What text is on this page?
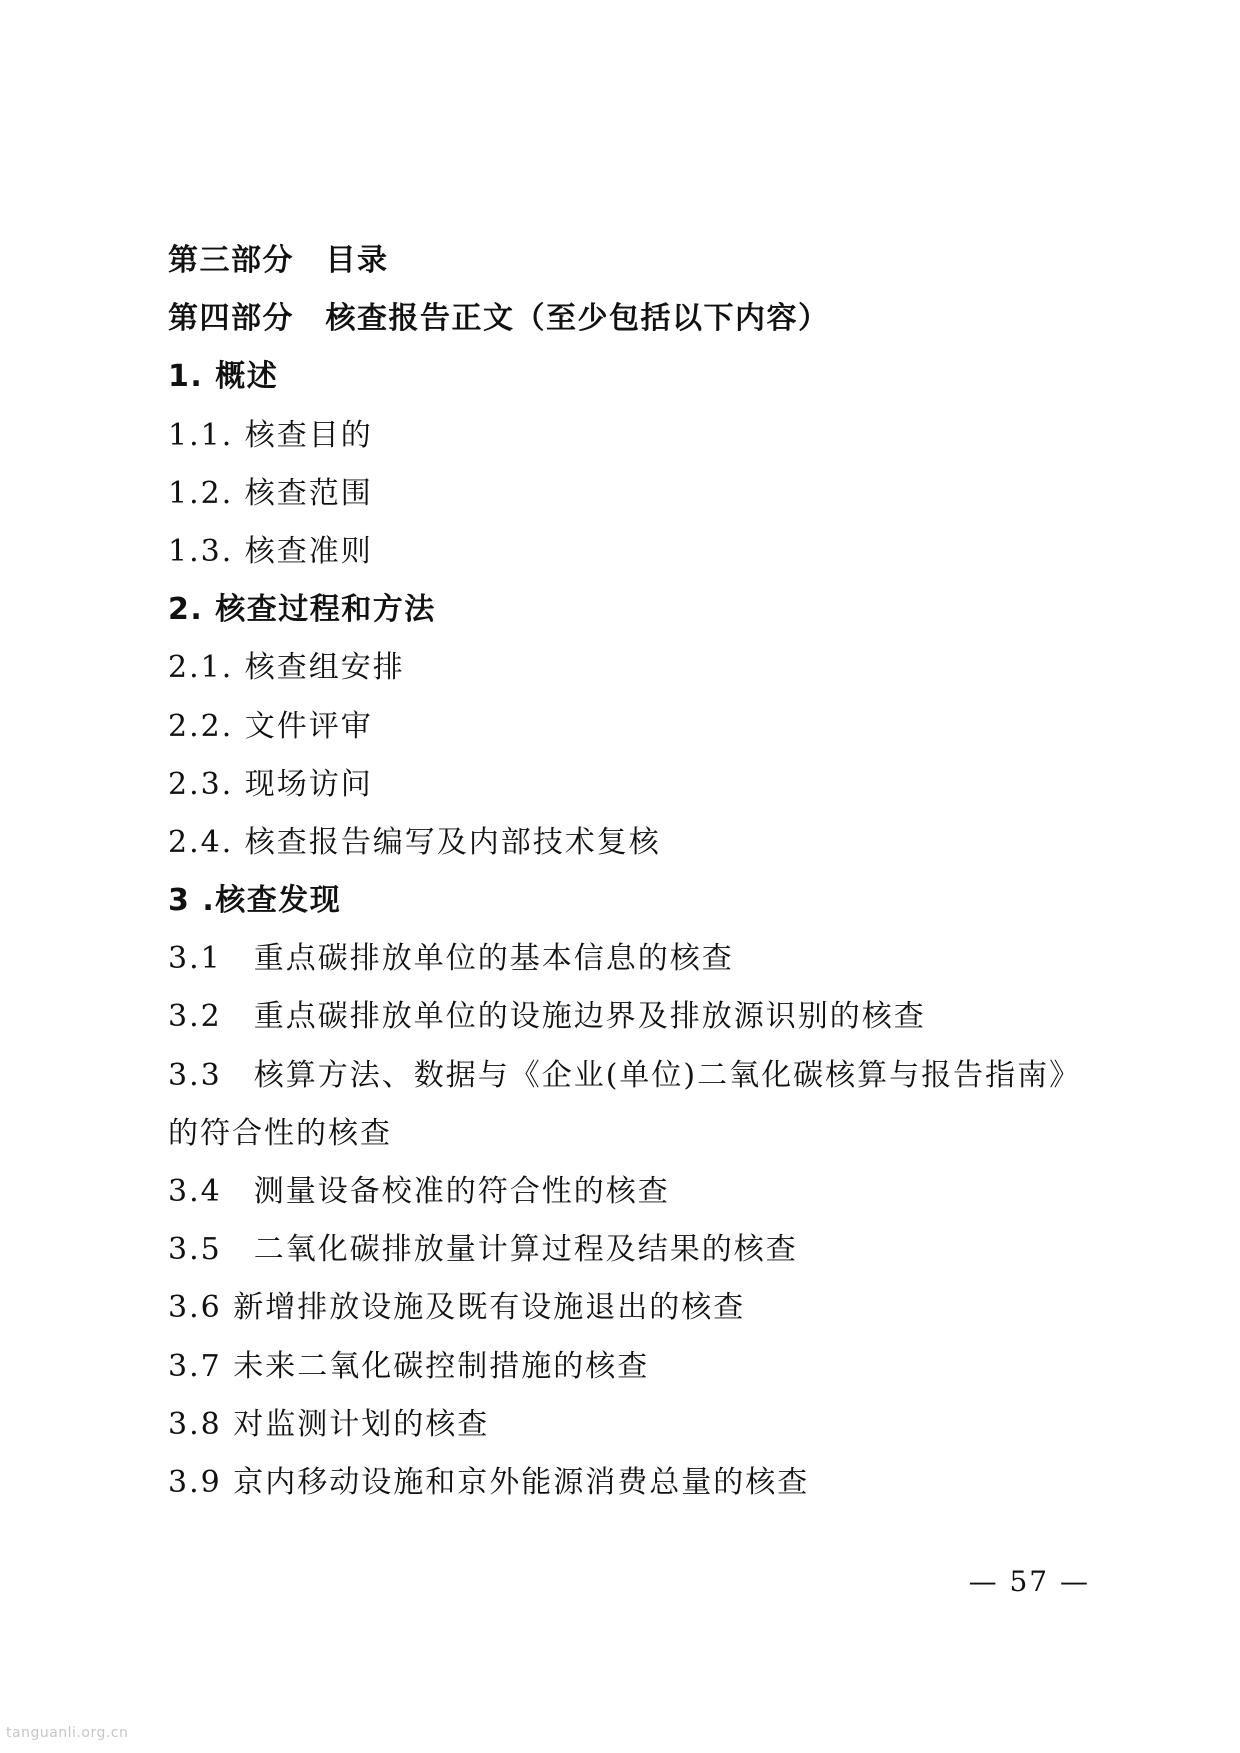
第三部分　目录
第四部分　核查报告正文（至少包括以下内容）
1. 概述
1.1. 核查目的
1.2. 核查范围
1.3. 核查准则
2. 核查过程和方法
2.1. 核查组安排
2.2. 文件评审
2.3. 现场访问
2.4. 核查报告编写及内部技术复核
3 .核查发现
3.1　重点碳排放单位的基本信息的核查
3.2　重点碳排放单位的设施边界及排放源识别的核查
3.3　核算方法、数据与《企业(单位)二氧化碳核算与报告指南》
的符合性的核查
3.4　测量设备校准的符合性的核查
3.5　二氧化碳排放量计算过程及结果的核查
3.6 新增排放设施及既有设施退出的核查
3.7 未来二氧化碳控制措施的核查
3.8 对监测计划的核查
3.9 京内移动设施和京外能源消费总量的核查
— 57 —
tanguanli.org.cn
